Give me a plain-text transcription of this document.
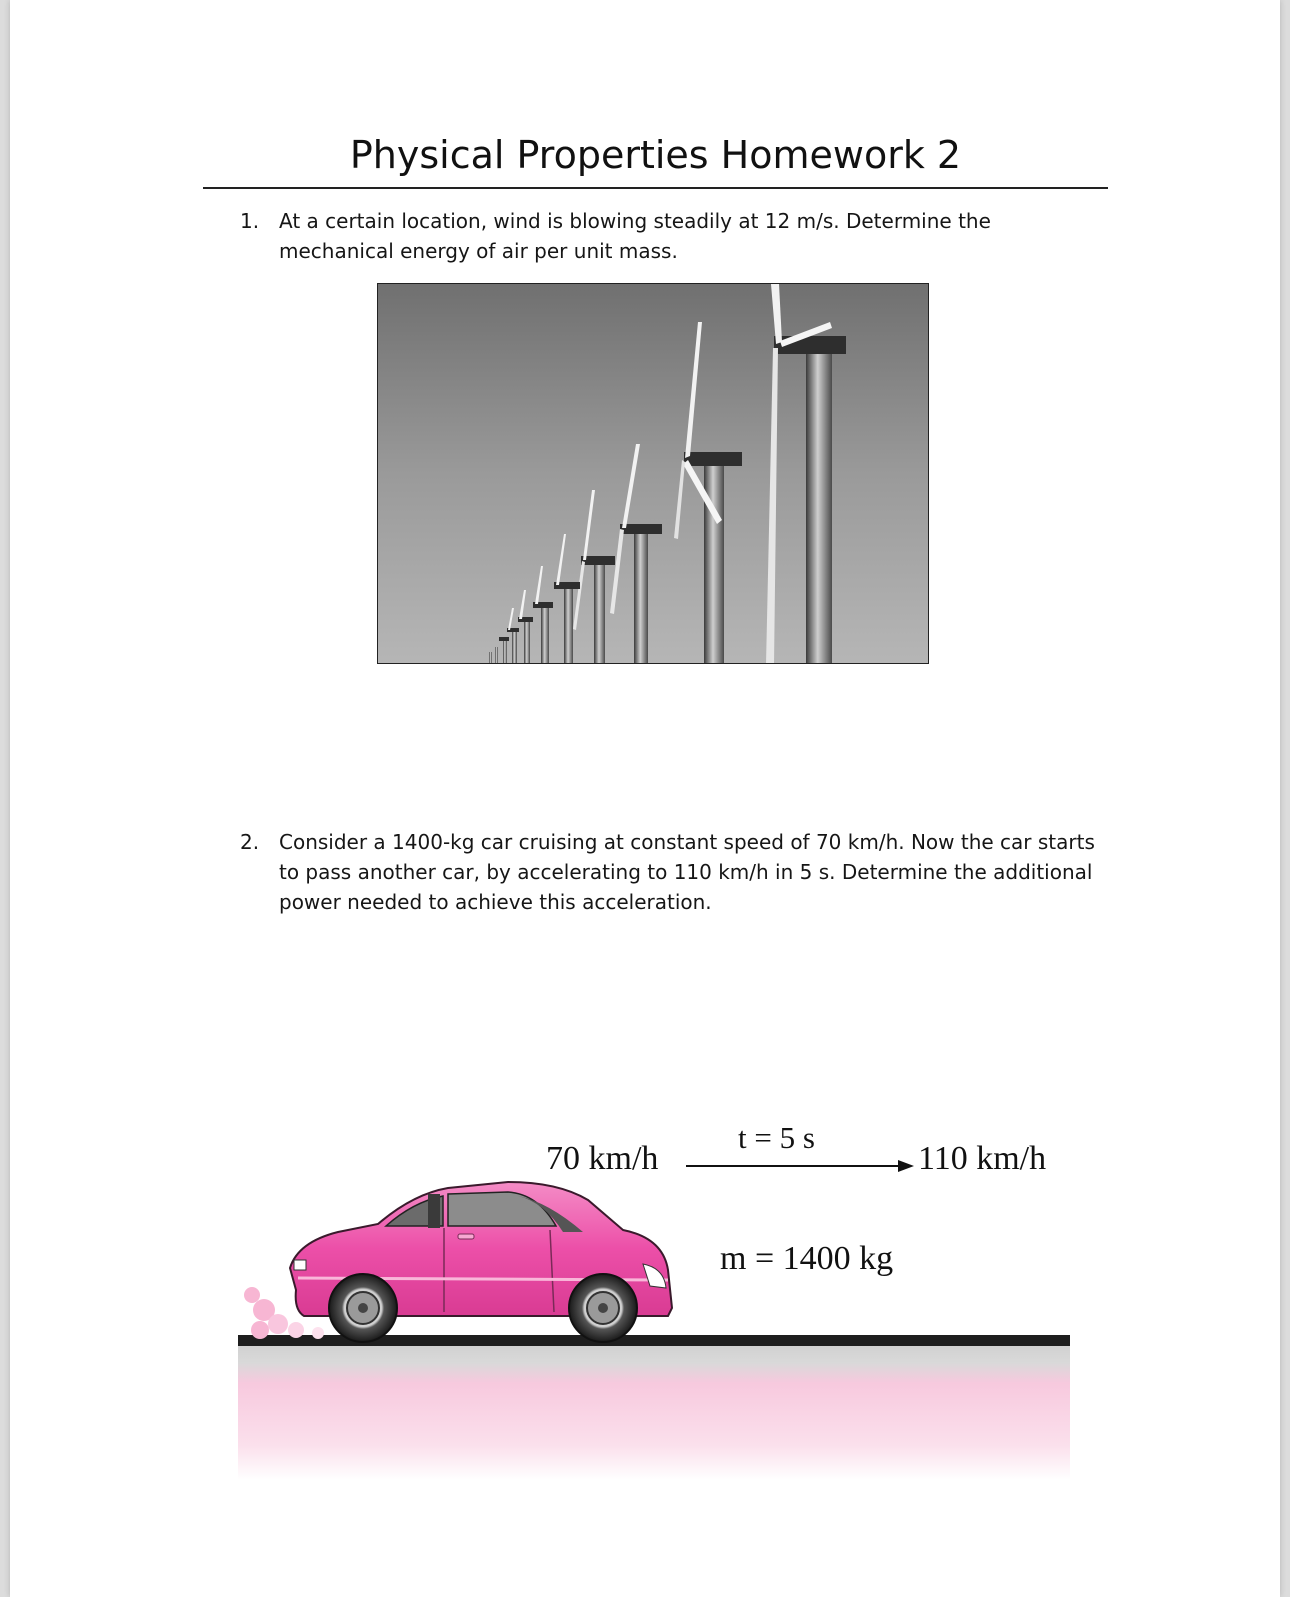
Physical Properties Homework 2
1. At a certain location, wind is blowing steadily at 12 m/s. Determine the mechanical energy of air per unit mass.
2. Consider a 1400-kg car cruising at constant speed of 70 km/h. Now the car starts to pass another car, by accelerating to 110 km/h in 5 s. Determine the additional power needed to achieve this acceleration.
70 km/h
t = 5 s
110 km/h
m = 1400 kg
